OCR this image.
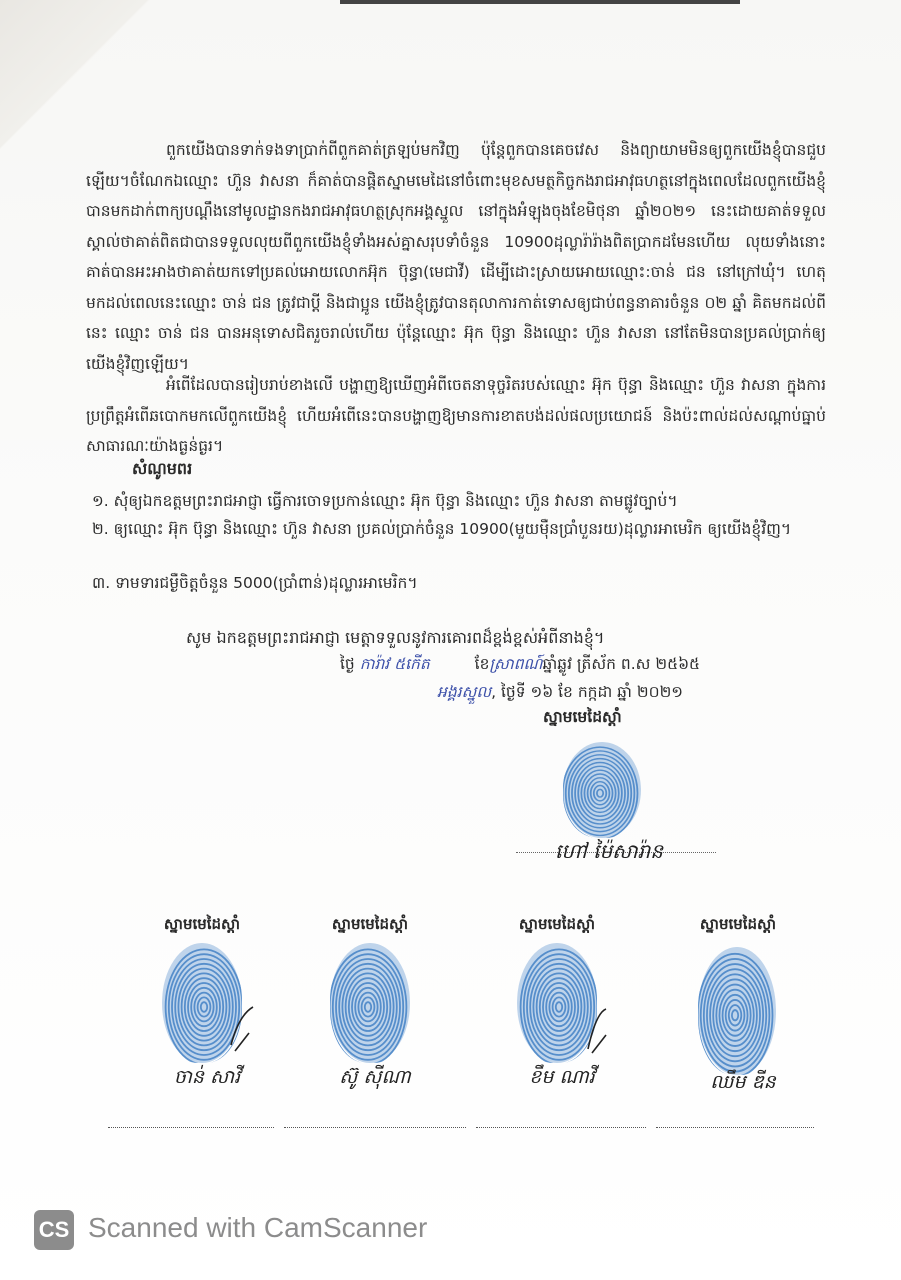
ពួកយើងបានទាក់ទងទាប្រាក់ពីពួកគាត់ត្រឡប់មកវិញ ប៉ុន្តែពួកបានគេចវេស និងព្យាយាមមិនឲ្យពួកយើងខ្ញុំបានជួបឡើយ។ចំណែកឯឈ្មោះ ហ៊ួន វាសនា ក៏គាត់បានផ្ដិតស្នាមមេដៃនៅចំពោះមុខសមត្ថកិច្ចកងរាជអាវុធហត្ថនៅក្នុងពេលដែលពួកយើងខ្ញុំបានមកដាក់ពាក្យបណ្ដឹងនៅមូលដ្ឋានកងរាជអាវុធហត្ថស្រុកអង្គស្នួល នៅក្នុងអំឡុងចុងខែមិថុនា ឆ្នាំ២០២១ នេះដោយគាត់ទទួលស្គាល់ថាគាត់ពិតជាបានទទួលលុយពីពួកយើងខ្ញុំទាំងអស់គ្នាសរុបទាំចំនួន 10900ដុល្លារ៉ារ៉ាងពិតប្រាកដមែនហើយ លុយទាំងនោះគាត់បានអះអាងថាគាត់យកទៅប្រគល់អោយលោកអ៊ុក ប៊ុន្ធា(មេជាវី) ដើម្បីដោះស្រាយអោយឈ្មោះ:ចាន់ ជន នៅក្រៅឃុំ។ ហេតុមកដល់ពេលនេះឈ្មោះ ចាន់ ជន ត្រូវជាប្ដី និងជាប្អូន យើងខ្ញុំត្រូវបានតុលាការកាត់ទោសឲ្យជាប់ពន្ធនាគារចំនួន ០២ ឆ្នាំ គិតមកដល់ពីនេះ ឈ្មោះ ចាន់ ជន បានអនុទោសជិតរួចរាល់ហើយ ប៉ុន្តែឈ្មោះ អ៊ុក ប៊ុន្ធា និងឈ្មោះ ហ៊ួន វាសនា នៅតែមិនបានប្រគល់ប្រាក់ឲ្យយើងខ្ញុំវិញឡើយ។

អំពើដែលបានរៀបរាប់ខាងលើ បង្ហាញឱ្យឃើញអំពីចេតនាទុច្ចរិតរបស់ឈ្មោះ អ៊ុក ប៊ុន្ធា និងឈ្មោះ ហ៊ួន វាសនា ក្នុងការប្រព្រឹត្តអំពើឆបោកមកលើពួកយើងខ្ញុំ ហើយអំពើនេះបានបង្ហាញឱ្យមានការខាតបង់ដល់ផលប្រយោជន៍ និងប៉ះពាល់ដល់សណ្ដាប់ធ្នាប់សាធារណៈយ៉ាងធ្ងន់ធ្ងរ។

សំណូមពរ

១. សុំឲ្យឯកឧត្តមព្រះរាជអាជ្ញា ធ្វើការចោទប្រកាន់ឈ្មោះ អ៊ុក ប៊ុន្ធា និងឈ្មោះ ហ៊ួន វាសនា តាមផ្លូវច្បាប់។

២. ឲ្យឈ្មោះ អ៊ុក ប៊ុន្ធា និងឈ្មោះ ហ៊ួន វាសនា ប្រគល់ប្រាក់ចំនួន 10900(មួយម៉ឺនប្រាំបួនរយ)ដុល្លារអាមេរិក ឲ្យយើងខ្ញុំវិញ។

៣. ទាមទារជម្ងឺចិត្តចំនួន 5000(ប្រាំពាន់)ដុល្លារអាមេរិក។

សូម ឯកឧត្តមព្រះរាជអាជ្ញា មេត្តាទទួលនូវការគោរពដ៏ខ្ពង់ខ្ពស់អំពីនាងខ្ញុំ។

ថ្ងៃ ការ៉ាវ ៥កើត	ខែស្រាពណ៍ឆ្នាំឆ្លូវ ត្រីស័ក ព.ស ២៥៦៥

អង្គរស្នួល, ថ្ងៃទី ១៦ ខែ កក្កដា ឆ្នាំ ២០២១

ស្នាមមេដៃស្ដាំ

ហៅ ម៉ៃសារ៉ាន

ស្នាមមេដៃស្ដាំ

ចាន់ សាវី

ស្នាមមេដៃស្ដាំ

ស៊ូ ស៊ីណា

ស្នាមមេដៃស្ដាំ

ខឹម ណាវី

ស្នាមមេដៃស្ដាំ

ឈឹម ឌីន

CS Scanned with CamScanner
